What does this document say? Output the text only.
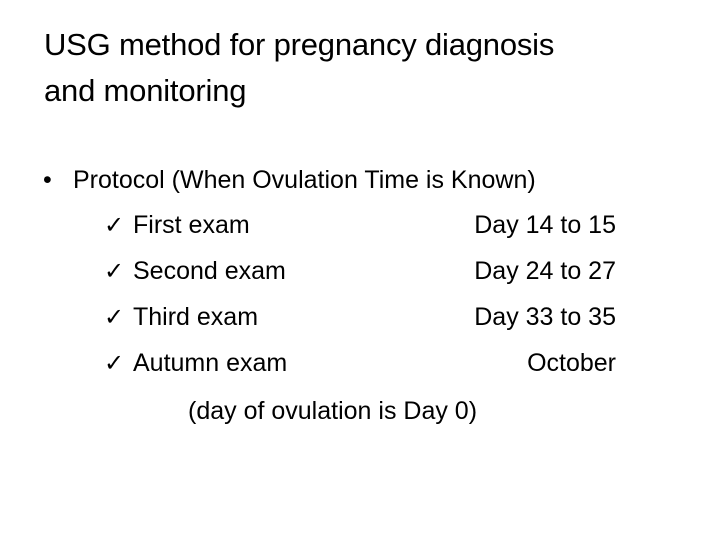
USG method for pregnancy diagnosis
and monitoring
• Protocol (When Ovulation Time is Known)
✓ First exam	Day 14 to 15
✓ Second exam	Day 24 to 27
✓ Third exam	Day 33 to 35
✓ Autumn exam	October
(day of ovulation is Day 0)
